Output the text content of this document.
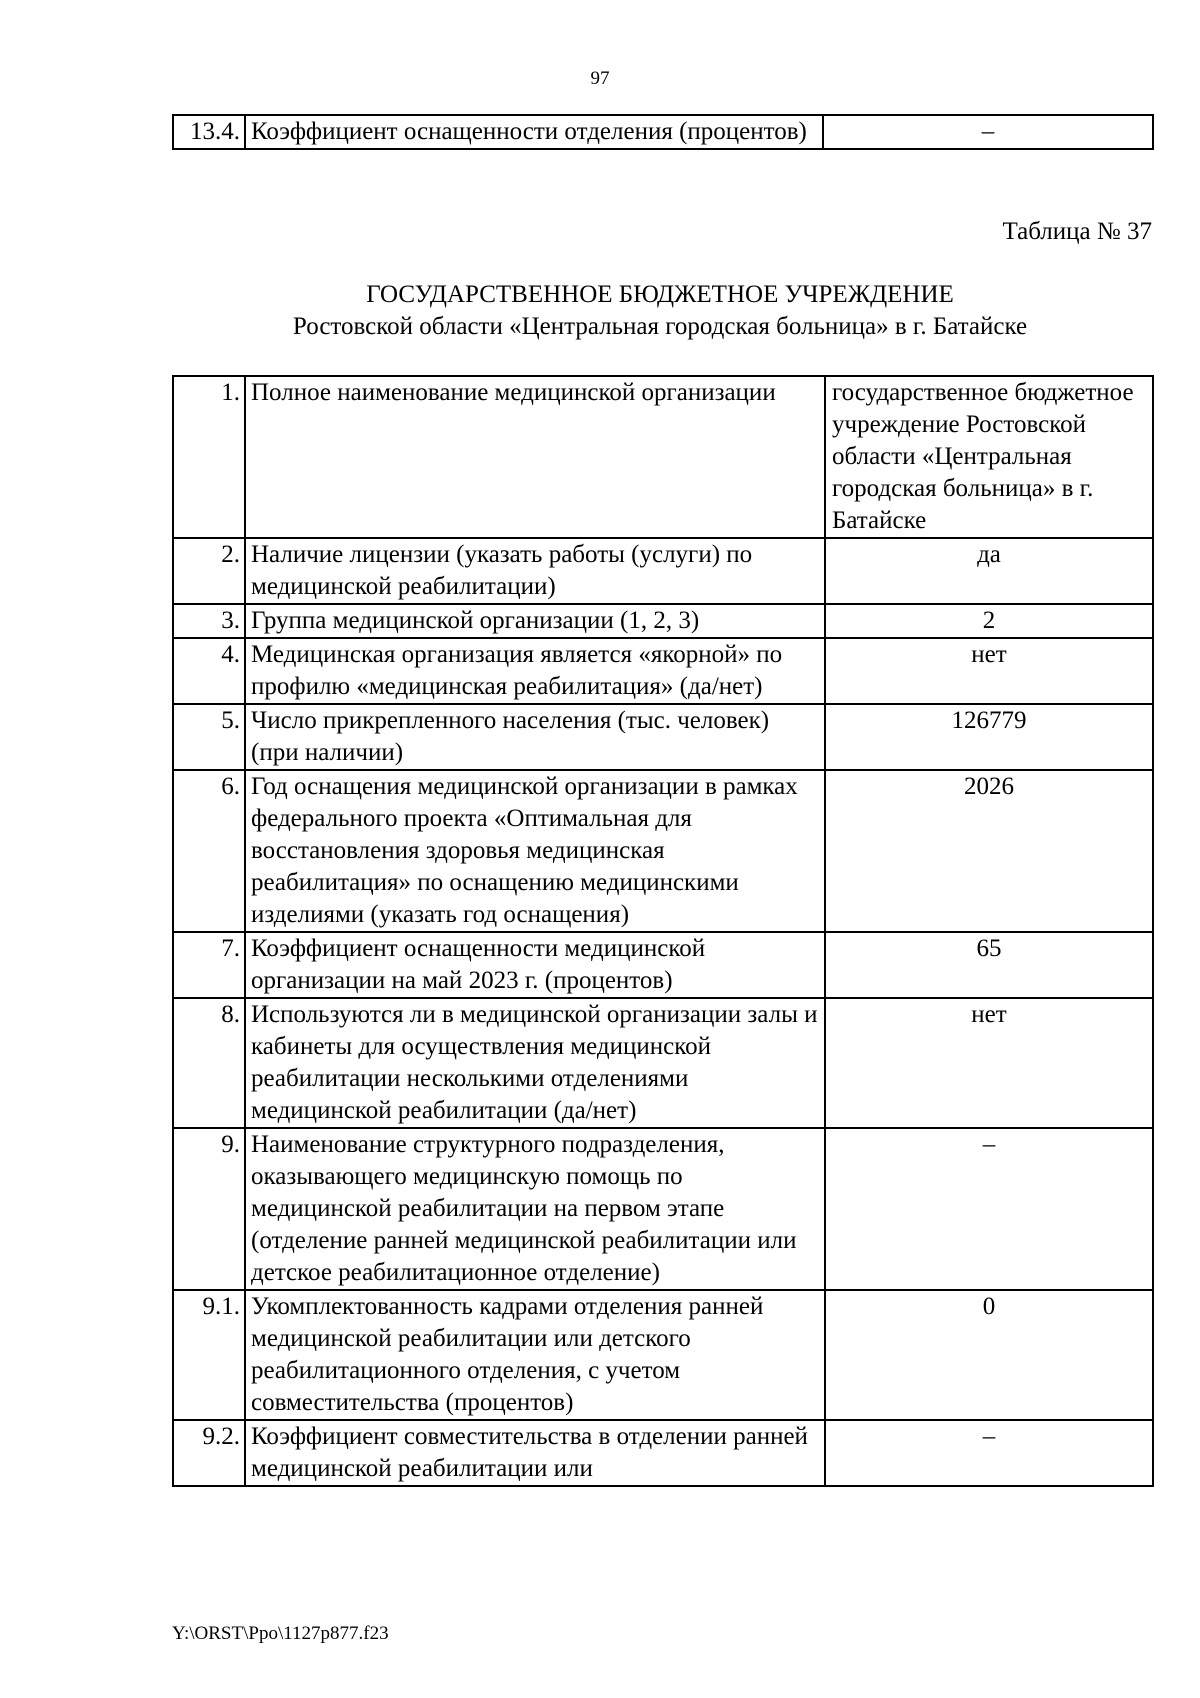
97
13.4.	Коэффициент оснащенности отделения (процентов)	–
Таблица № 37
ГОСУДАРСТВЕННОЕ БЮДЖЕТНОЕ УЧРЕЖДЕНИЕ
Ростовской области «Центральная городская больница» в г. Батайске
1.	Полное наименование медицинской организации	государственное бюджетное учреждение Ростовской области «Центральная городская больница» в г. Батайске
2.	Наличие лицензии (указать работы (услуги) по медицинской реабилитации)	да
3.	Группа медицинской организации (1, 2, 3)	2
4.	Медицинская организация является «якорной» по профилю «медицинская реабилитация» (да/нет)	нет
5.	Число прикрепленного населения (тыс. человек) (при наличии)	126779
6.	Год оснащения медицинской организации в рамках федерального проекта «Оптимальная для восстановления здоровья медицинская реабилитация» по оснащению медицинскими изделиями (указать год оснащения)	2026
7.	Коэффициент оснащенности медицинской организации на май 2023 г. (процентов)	65
8.	Используются ли в медицинской организации залы и кабинеты для осуществления медицинской реабилитации несколькими отделениями медицинской реабилитации (да/нет)	нет
9.	Наименование структурного подразделения, оказывающего медицинскую помощь по медицинской реабилитации на первом этапе (отделение ранней медицинской реабилитации или детское реабилитационное отделение)	–
9.1.	Укомплектованность кадрами отделения ранней медицинской реабилитации или детского реабилитационного отделения, с учетом совместительства (процентов)	0
9.2.	Коэффициент совместительства в отделении ранней медицинской реабилитации или	–
Y:\ORST\Ppo\1127p877.f23
